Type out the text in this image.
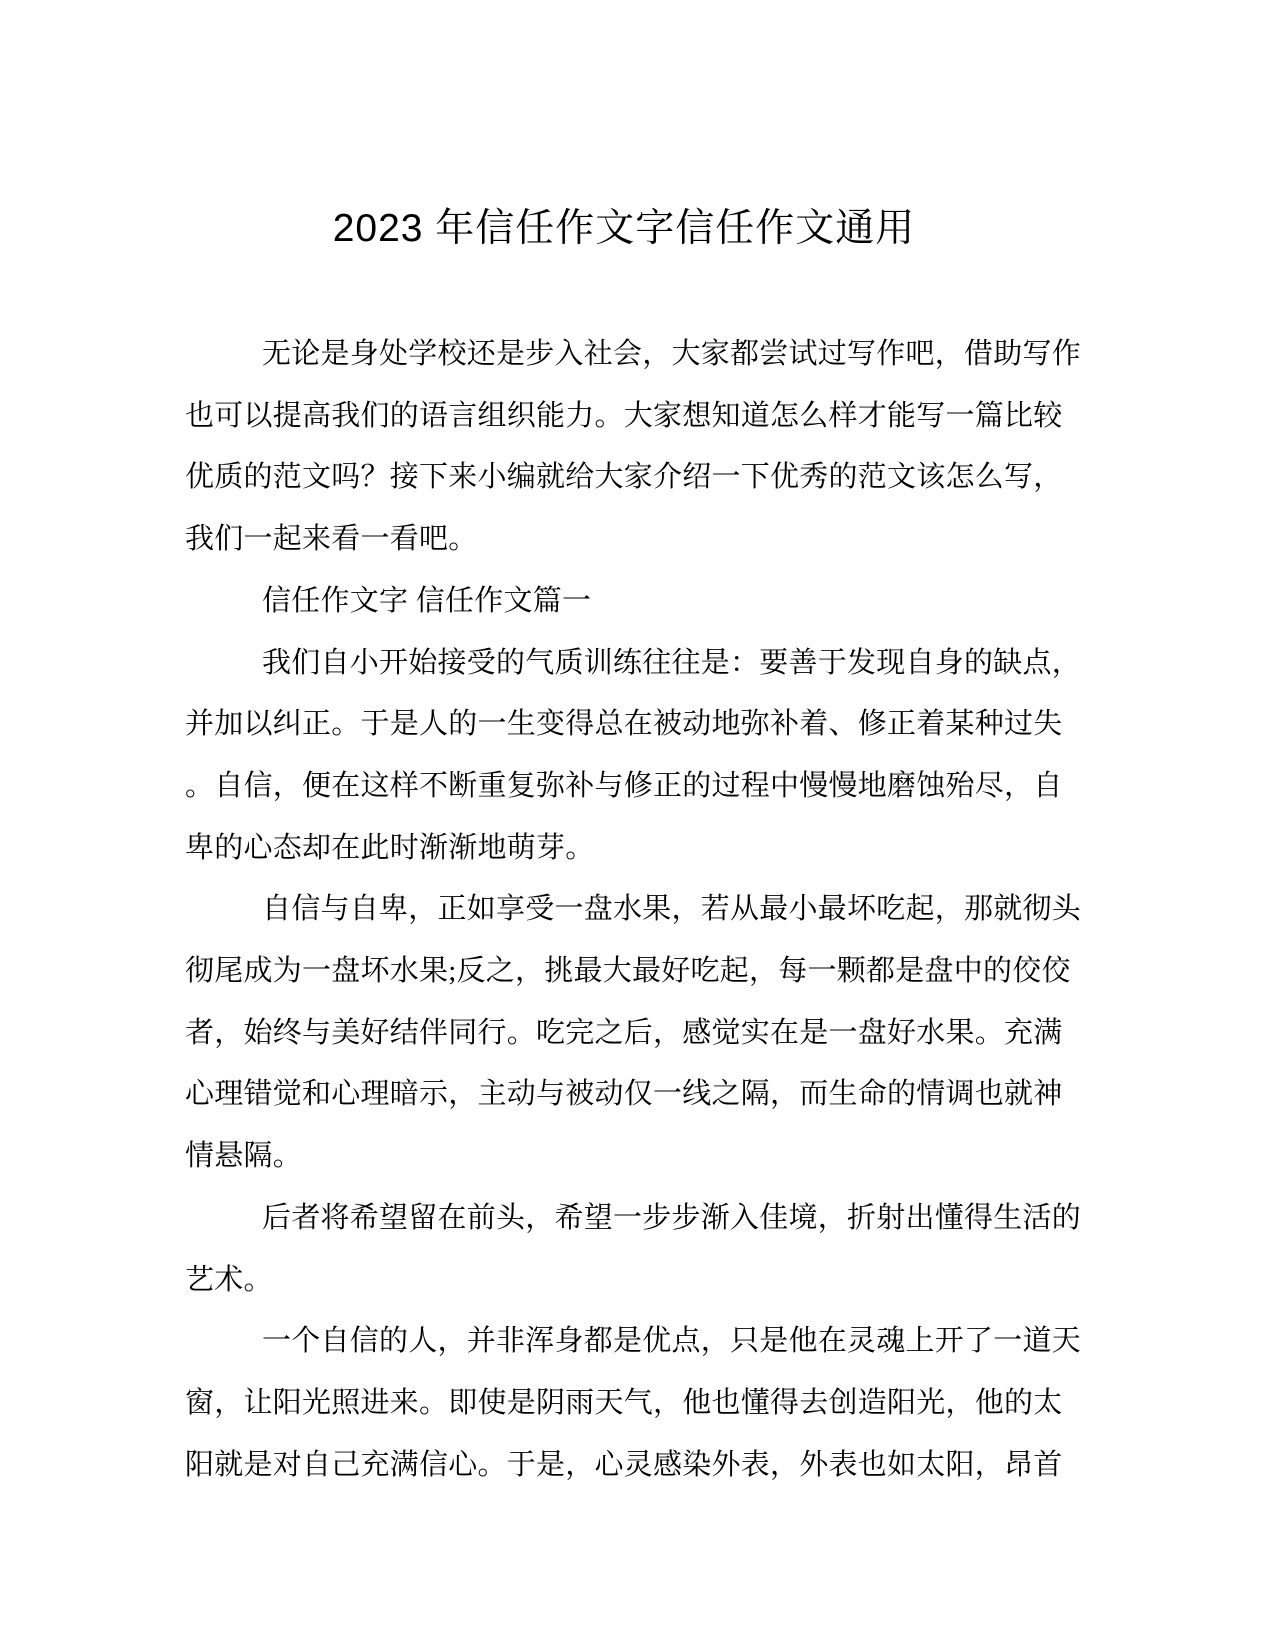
2023 年信任作文字信任作文通用
无论是身处学校还是步入社会，大家都尝试过写作吧，借助写作
也可以提高我们的语言组织能力。大家想知道怎么样才能写一篇比较
优质的范文吗？接下来小编就给大家介绍一下优秀的范文该怎么写，
我们一起来看一看吧。
信任作文字 信任作文篇一
我们自小开始接受的气质训练往往是：要善于发现自身的缺点，
并加以纠正。于是人的一生变得总在被动地弥补着、修正着某种过失
。自信，便在这样不断重复弥补与修正的过程中慢慢地磨蚀殆尽，自
卑的心态却在此时渐渐地萌芽。
自信与自卑，正如享受一盘水果，若从最小最坏吃起，那就彻头
彻尾成为一盘坏水果;反之，挑最大最好吃起，每一颗都是盘中的佼佼
者，始终与美好结伴同行。吃完之后，感觉实在是一盘好水果。充满
心理错觉和心理暗示，主动与被动仅一线之隔，而生命的情调也就神
情悬隔。
后者将希望留在前头，希望一步步渐入佳境，折射出懂得生活的
艺术。
一个自信的人，并非浑身都是优点，只是他在灵魂上开了一道天
窗，让阳光照进来。即使是阴雨天气，他也懂得去创造阳光，他的太
阳就是对自己充满信心。于是，心灵感染外表，外表也如太阳，昂首
